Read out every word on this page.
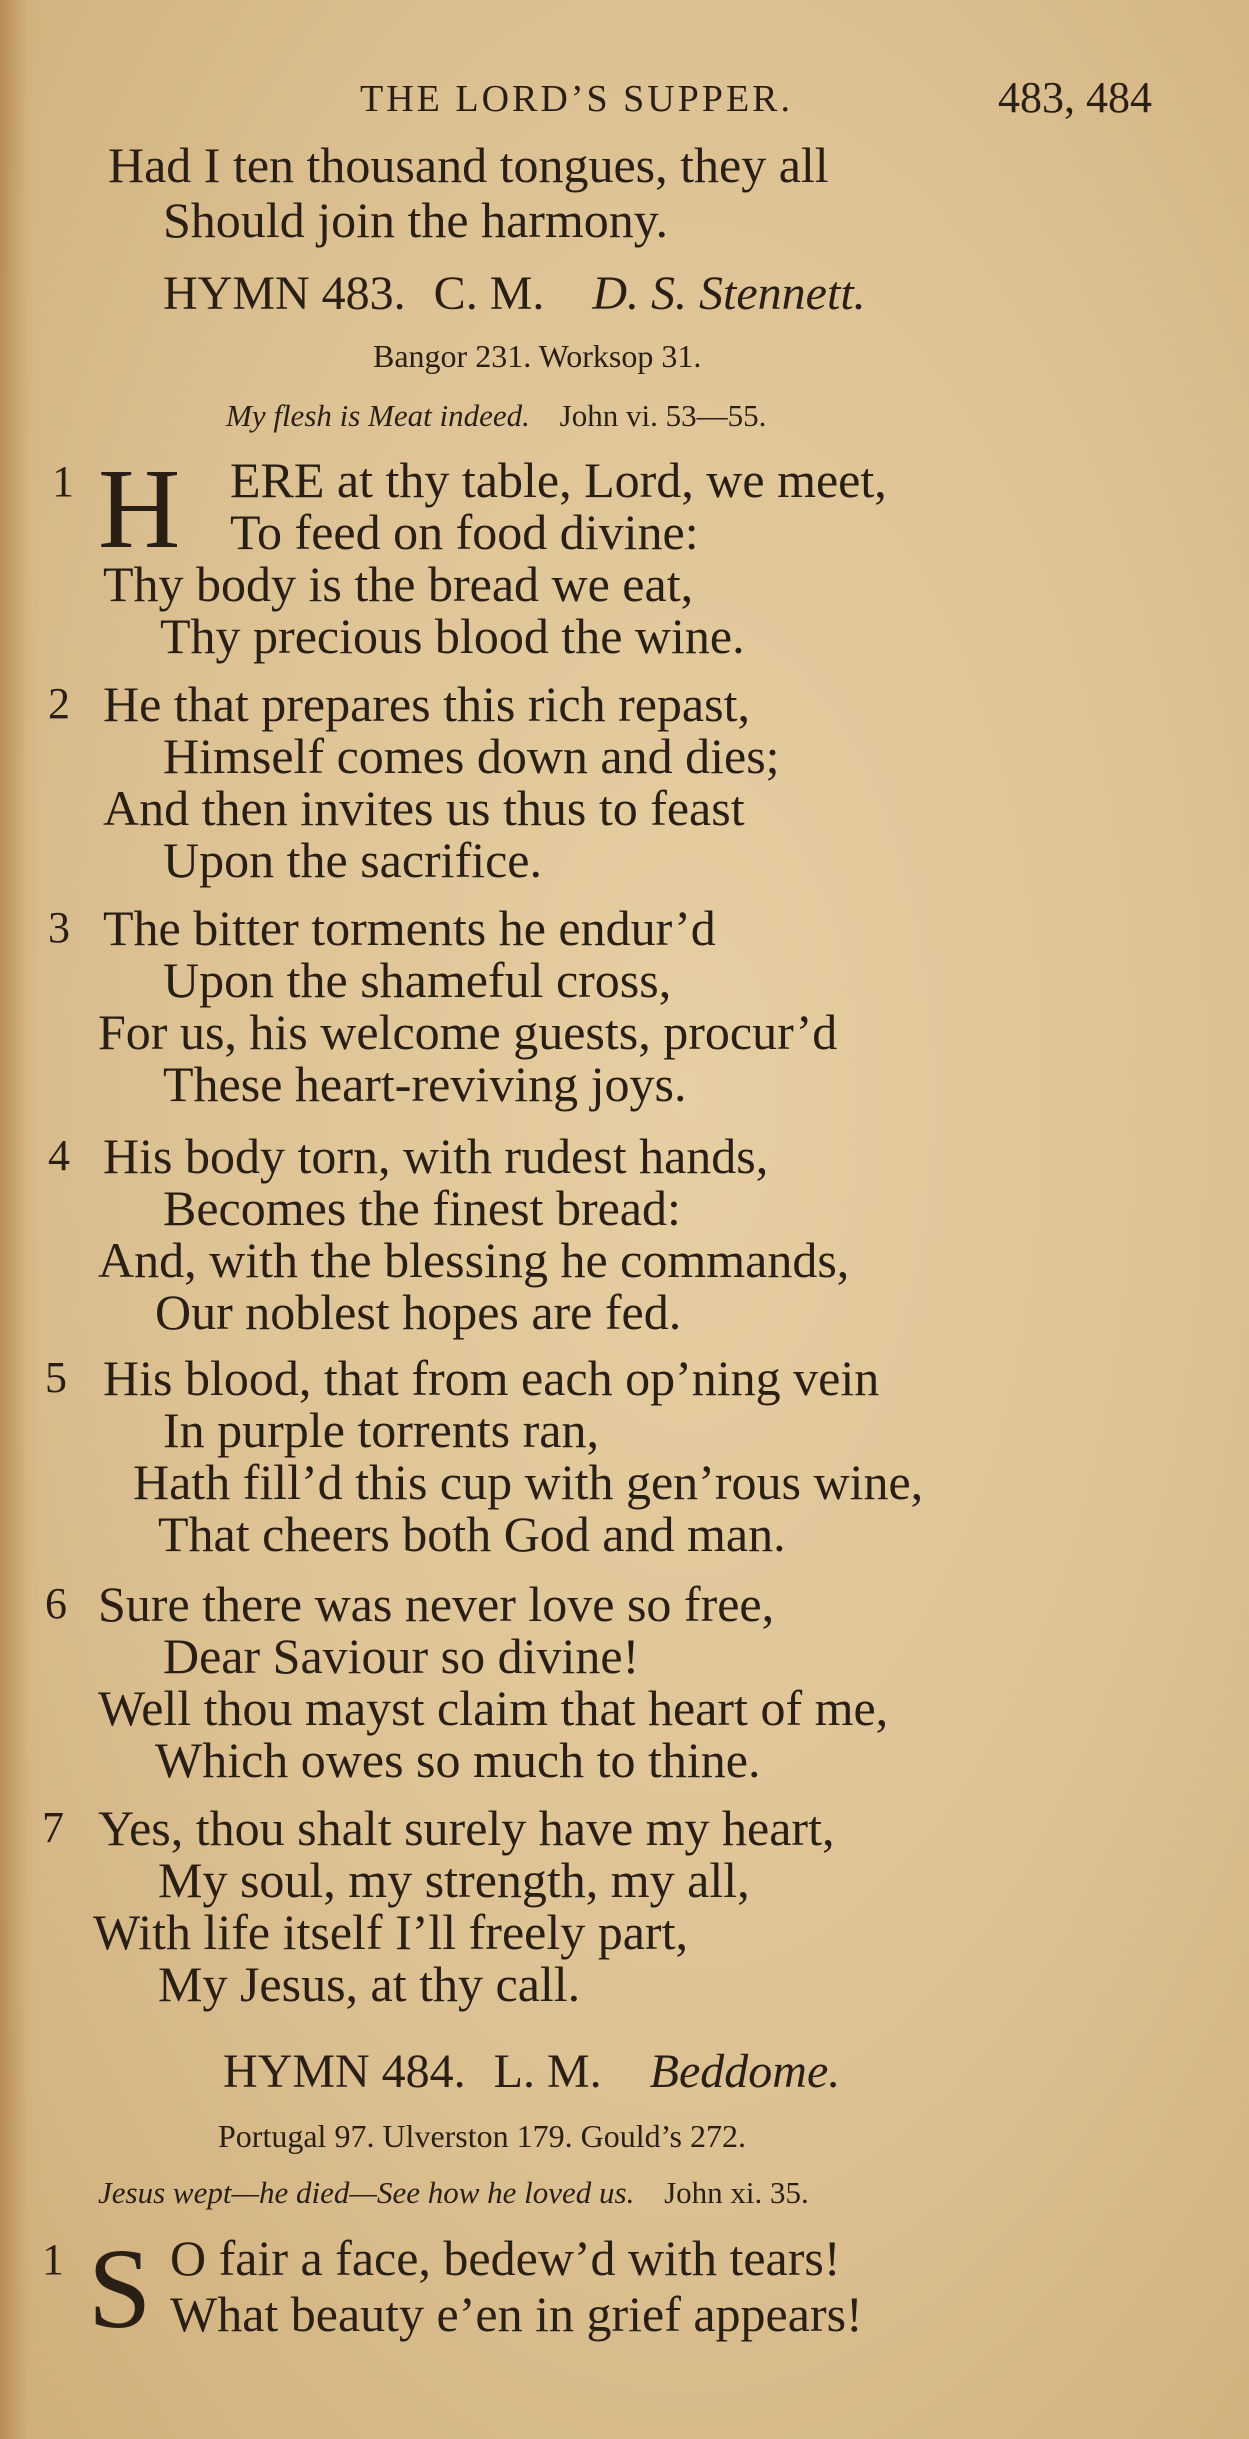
THE LORD’S SUPPER.	483, 484
Had I ten thousand tongues, they all
Should join the harmony.
HYMN 483. C. M. D. S. Stennett.
Bangor 231. Worksop 31.
My flesh is Meat indeed. John vi. 53—55.
1 H ERE at thy table, Lord, we meet,
To feed on food divine:
Thy body is the bread we eat,
Thy precious blood the wine.
2 He that prepares this rich repast,
Himself comes down and dies;
And then invites us thus to feast
Upon the sacrifice.
3 The bitter torments he endur’d
Upon the shameful cross,
For us, his welcome guests, procur’d
These heart-reviving joys.
4 His body torn, with rudest hands,
Becomes the finest bread:
And, with the blessing he commands,
Our noblest hopes are fed.
5 His blood, that from each op’ning vein
In purple torrents ran,
Hath fill’d this cup with gen’rous wine,
That cheers both God and man.
6 Sure there was never love so free,
Dear Saviour so divine!
Well thou mayst claim that heart of me,
Which owes so much to thine.
7 Yes, thou shalt surely have my heart,
My soul, my strength, my all,
With life itself I’ll freely part,
My Jesus, at thy call.
HYMN 484. L. M. Beddome.
Portugal 97. Ulverston 179. Gould’s 272.
Jesus wept—he died—See how he loved us. John xi. 35.
1 S O fair a face, bedew’d with tears!
What beauty e’en in grief appears!
